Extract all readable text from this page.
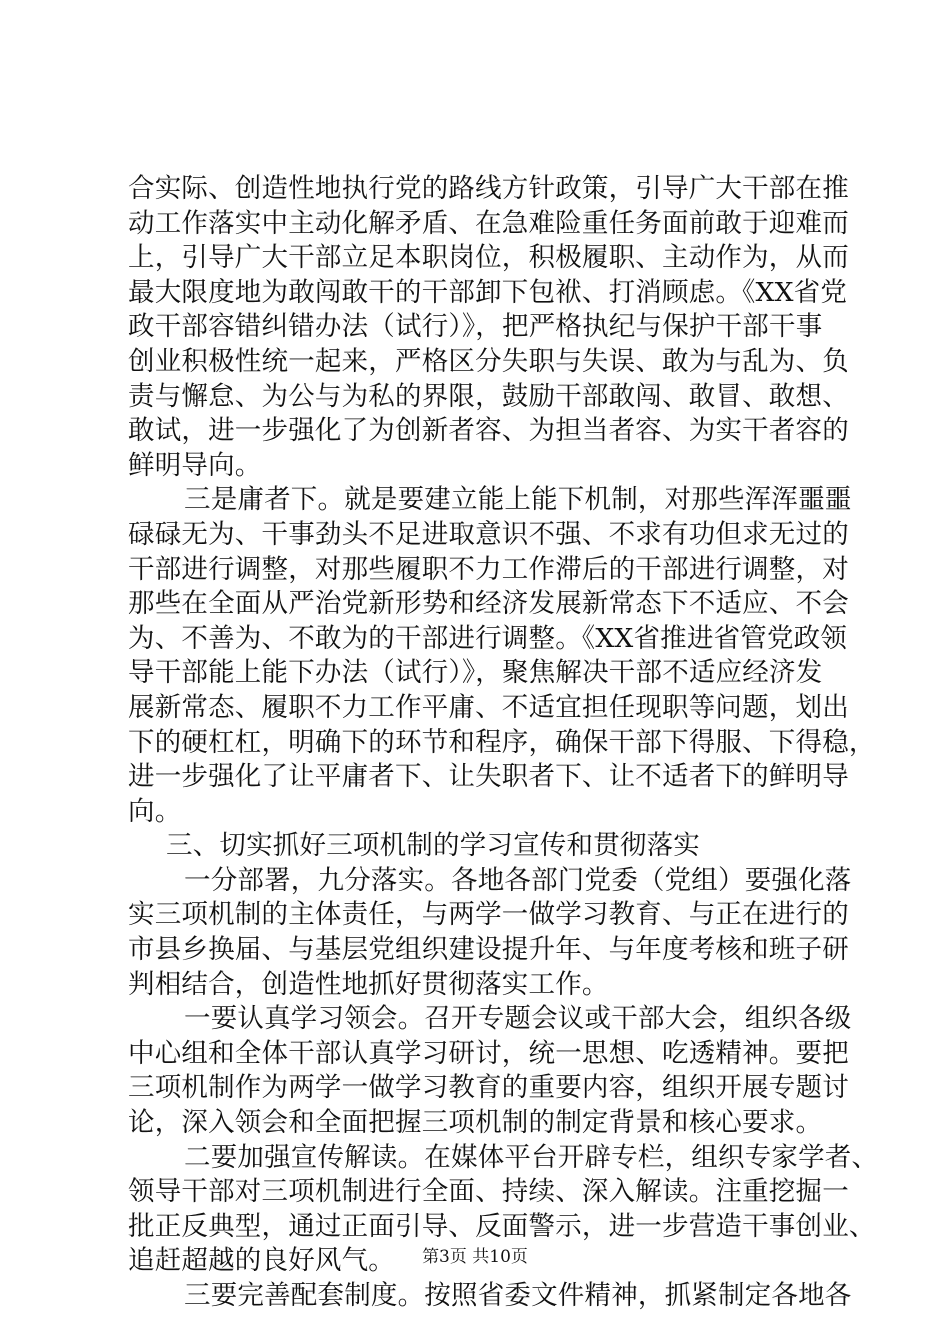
合实际、创造性地执行党的路线方针政策，引导广大干部在推
动工作落实中主动化解矛盾、在急难险重任务面前敢于迎难而
上，引导广大干部立足本职岗位，积极履职、主动作为，从而
最大限度地为敢闯敢干的干部卸下包袱、打消顾虑。《XX省党
政干部容错纠错办法（试行）》，把严格执纪与保护干部干事
创业积极性统一起来，严格区分失职与失误、敢为与乱为、负
责与懈怠、为公与为私的界限，鼓励干部敢闯、敢冒、敢想、
敢试，进一步强化了为创新者容、为担当者容、为实干者容的
鲜明导向。
三是庸者下。就是要建立能上能下机制，对那些浑浑噩噩
碌碌无为、干事劲头不足进取意识不强、不求有功但求无过的
干部进行调整，对那些履职不力工作滞后的干部进行调整，对
那些在全面从严治党新形势和经济发展新常态下不适应、不会
为、不善为、不敢为的干部进行调整。《XX省推进省管党政领
导干部能上能下办法（试行）》，聚焦解决干部不适应经济发
展新常态、履职不力工作平庸、不适宜担任现职等问题，划出
下的硬杠杠，明确下的环节和程序，确保干部下得服、下得稳，
进一步强化了让平庸者下、让失职者下、让不适者下的鲜明导
向。
三、切实抓好三项机制的学习宣传和贯彻落实
一分部署，九分落实。各地各部门党委（党组）要强化落
实三项机制的主体责任，与两学一做学习教育、与正在进行的
市县乡换届、与基层党组织建设提升年、与年度考核和班子研
判相结合，创造性地抓好贯彻落实工作。
一要认真学习领会。召开专题会议或干部大会，组织各级
中心组和全体干部认真学习研讨，统一思想、吃透精神。要把
三项机制作为两学一做学习教育的重要内容，组织开展专题讨
论，深入领会和全面把握三项机制的制定背景和核心要求。
二要加强宣传解读。在媒体平台开辟专栏，组织专家学者、
领导干部对三项机制进行全面、持续、深入解读。注重挖掘一
批正反典型，通过正面引导、反面警示，进一步营造干事创业、
追赶超越的良好风气。
三要完善配套制度。按照省委文件精神，抓紧制定各地各
第3页 共10页
